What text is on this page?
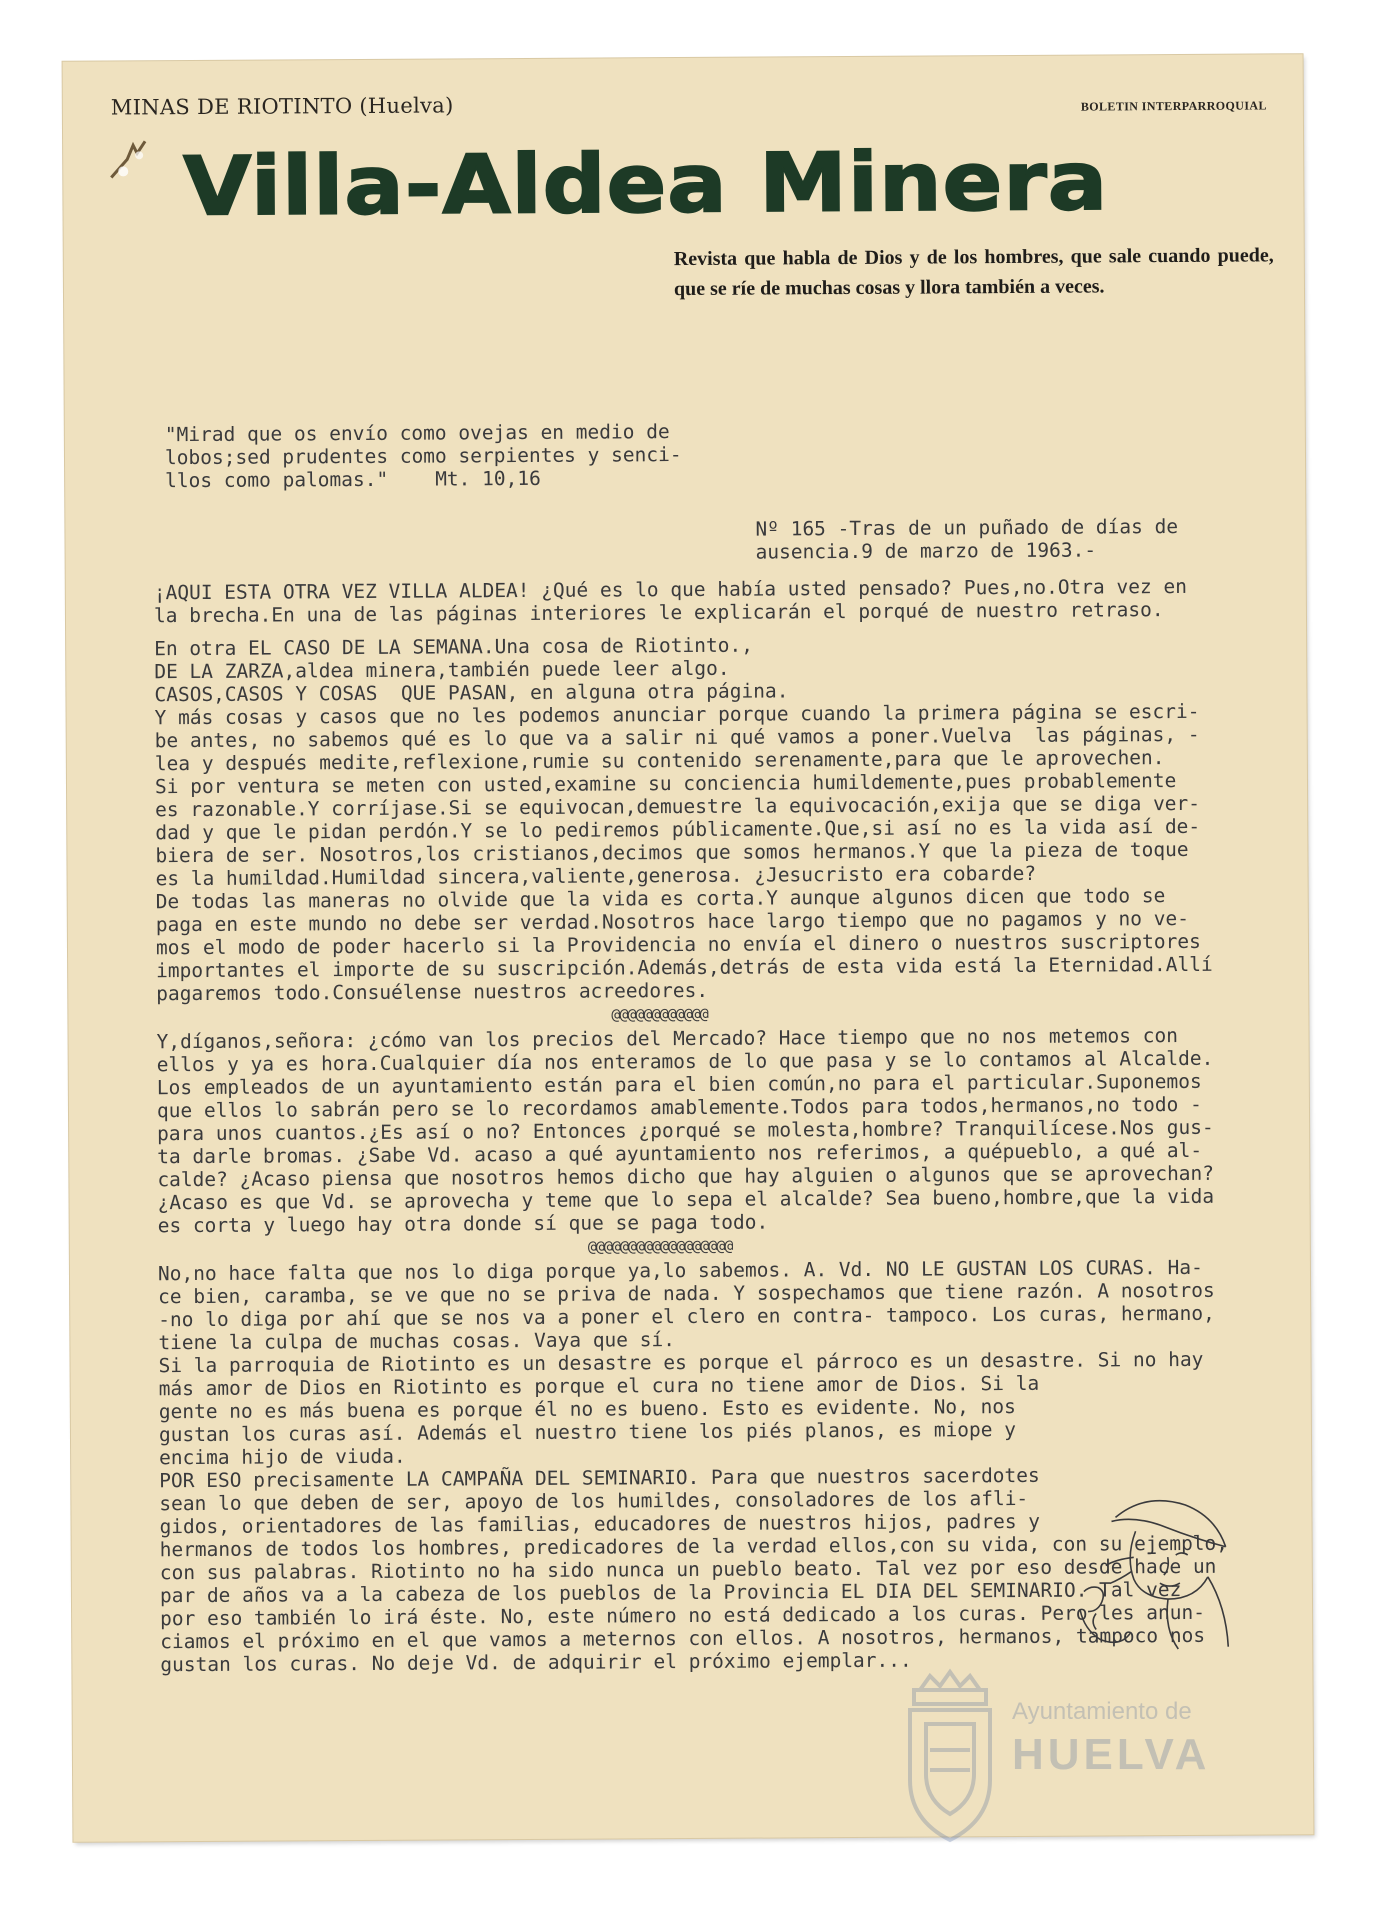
MINAS DE RIOTINTO (Huelva)	BOLETIN INTERPARROQUIAL
Villa-Aldea Minera
Revista que habla de Dios y de los hombres, que sale cuando puede, que se ríe de muchas cosas y llora también a veces.
"Mirad que os envío como ovejas en medio de
lobos;sed prudentes como serpientes y senci-
llos como palomas."    Mt. 10,16
Nº 165 -Tras de un puñado de días de
ausencia.9 de marzo de 1963.-
¡AQUI ESTA OTRA VEZ VILLA ALDEA! ¿Qué es lo que había usted pensado? Pues,no.Otra vez en
la brecha.En una de las páginas interiores le explicarán el porqué de nuestro retraso.
En otra EL CASO DE LA SEMANA.Una cosa de Riotinto.,
DE LA ZARZA,aldea minera,también puede leer algo.
CASOS,CASOS Y COSAS  QUE PASAN, en alguna otra página.
Y más cosas y casos que no les podemos anunciar porque cuando la primera página se escri-
be antes, no sabemos qué es lo que va a salir ni qué vamos a poner.Vuelva  las páginas, -
lea y después medite,reflexione,rumie su contenido serenamente,para que le aprovechen.
Si por ventura se meten con usted,examine su conciencia humildemente,pues probablemente
es razonable.Y corríjase.Si se equivocan,demuestre la equivocación,exija que se diga ver-
dad y que le pidan perdón.Y se lo pediremos públicamente.Que,si así no es la vida así de-
biera de ser. Nosotros,los cristianos,decimos que somos hermanos.Y que la pieza de toque
es la humildad.Humildad sincera,valiente,generosa. ¿Jesucristo era cobarde?
De todas las maneras no olvide que la vida es corta.Y aunque algunos dicen que todo se
paga en este mundo no debe ser verdad.Nosotros hace largo tiempo que no pagamos y no ve-
mos el modo de poder hacerlo si la Providencia no envía el dinero o nuestros suscriptores
importantes el importe de su suscripción.Además,detrás de esta vida está la Eternidad.Allí
pagaremos todo.Consuélense nuestros acreedores.
@@@@@@@@@@@@
Y,díganos,señora: ¿cómo van los precios del Mercado? Hace tiempo que no nos metemos con
ellos y ya es hora.Cualquier día nos enteramos de lo que pasa y se lo contamos al Alcalde.
Los empleados de un ayuntamiento están para el bien común,no para el particular.Suponemos
que ellos lo sabrán pero se lo recordamos amablemente.Todos para todos,hermanos,no todo -
para unos cuantos.¿Es así o no? Entonces ¿porqué se molesta,hombre? Tranquilícese.Nos gus-
ta darle bromas. ¿Sabe Vd. acaso a qué ayuntamiento nos referimos, a quépueblo, a qué al-
calde? ¿Acaso piensa que nosotros hemos dicho que hay alguien o algunos que se aprovechan?
¿Acaso es que Vd. se aprovecha y teme que lo sepa el alcalde? Sea bueno,hombre,que la vida
es corta y luego hay otra donde sí que se paga todo.
@@@@@@@@@@@@@@@@@@
No,no hace falta que nos lo diga porque ya,lo sabemos. A. Vd. NO LE GUSTAN LOS CURAS. Ha-
ce bien, caramba, se ve que no se priva de nada. Y sospechamos que tiene razón. A nosotros
-no lo diga por ahí que se nos va a poner el clero en contra- tampoco. Los curas, hermano,
tiene la culpa de muchas cosas. Vaya que sí.
Si la parroquia de Riotinto es un desastre es porque el párroco es un desastre. Si no hay
más amor de Dios en Riotinto es porque el cura no tiene amor de Dios. Si la
gente no es más buena es porque él no es bueno. Esto es evidente. No, nos
gustan los curas así. Además el nuestro tiene los piés planos, es miope y
encima hijo de viuda.
POR ESO precisamente LA CAMPAÑA DEL SEMINARIO. Para que nuestros sacerdotes
sean lo que deben de ser, apoyo de los humildes, consoladores de los afli-
gidos, orientadores de las familias, educadores de nuestros hijos, padres y
hermanos de todos los hombres, predicadores de la verdad ellos,con su vida, con su ejemplo,
con sus palabras. Riotinto no ha sido nunca un pueblo beato. Tal vez por eso desde hace un
par de años va a la cabeza de los pueblos de la Provincia EL DIA DEL SEMINARIO. Tal vez
por eso también lo irá éste. No, este número no está dedicado a los curas. Pero les anun-
ciamos el próximo en el que vamos a meternos con ellos. A nosotros, hermanos, tampoco nos
gustan los curas. No deje Vd. de adquirir el próximo ejemplar...
Ayuntamiento de
HUELVA
